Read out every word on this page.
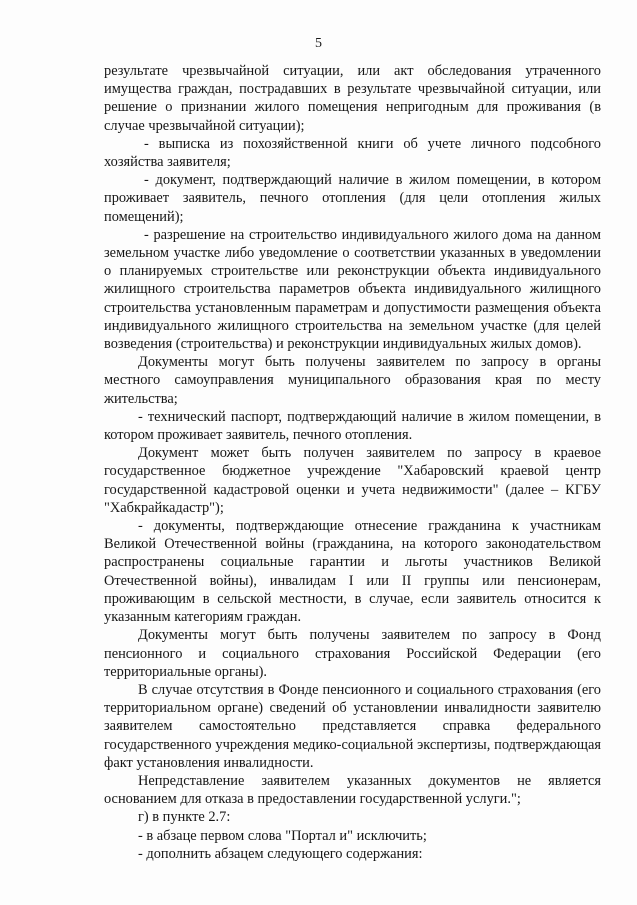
5

результате чрезвычайной ситуации, или акт обследования утраченного имущества граждан, пострадавших в результате чрезвычайной ситуации, или решение о признании жилого помещения непригодным для проживания (в случае чрезвычайной ситуации);

- выписка из похозяйственной книги об учете личного подсобного хозяйства заявителя;

- документ, подтверждающий наличие в жилом помещении, в котором проживает заявитель, печного отопления (для цели отопления жилых помещений);

- разрешение на строительство индивидуального жилого дома на данном земельном участке либо уведомление о соответствии указанных в уведомлении о планируемых строительстве или реконструкции объекта индивидуального жилищного строительства параметров объекта индивидуального жилищного строительства установленным параметрам и допустимости размещения объекта индивидуального жилищного строительства на земельном участке (для целей возведения (строительства) и реконструкции индивидуальных жилых домов).

Документы могут быть получены заявителем по запросу в органы местного самоуправления муниципального образования края по месту жительства;

- технический паспорт, подтверждающий наличие в жилом помещении, в котором проживает заявитель, печного отопления.

Документ может быть получен заявителем по запросу в краевое государственное бюджетное учреждение "Хабаровский краевой центр государственной кадастровой оценки и учета недвижимости" (далее – КГБУ "Хабкрайкадастр");

- документы, подтверждающие отнесение гражданина к участникам Великой Отечественной войны (гражданина, на которого законодательством распространены социальные гарантии и льготы участников Великой Отечественной войны), инвалидам I или II группы или пенсионерам, проживающим в сельской местности, в случае, если заявитель относится к указанным категориям граждан.

Документы могут быть получены заявителем по запросу в Фонд пенсионного и социального страхования Российской Федерации (его территориальные органы).

В случае отсутствия в Фонде пенсионного и социального страхования (его территориальном органе) сведений об установлении инвалидности заявителю заявителем самостоятельно представляется справка федерального государственного учреждения медико-социальной экспертизы, подтверждающая факт установления инвалидности.

Непредставление заявителем указанных документов не является основанием для отказа в предоставлении государственной услуги.";

г) в пункте 2.7:

- в абзаце первом слова "Портал и" исключить;

- дополнить абзацем следующего содержания:
